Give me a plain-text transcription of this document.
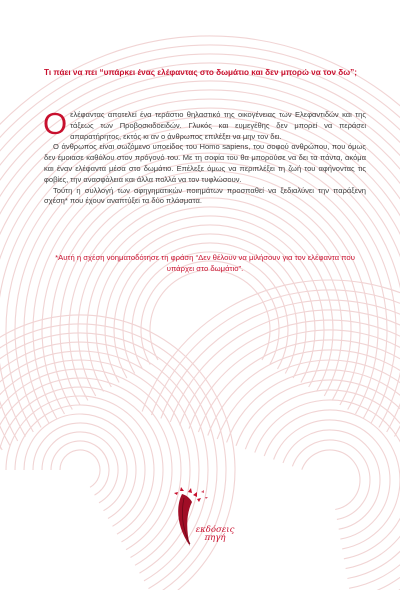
Τι πάει να πει “υπάρκει ένας ελέφαντας στο δωμάτιο και δεν μπορώ να τον δω”;

Οελέφαντας αποτελεί ένα τεράστιο θηλαστικό της οικογένειας των Ελεφαντιδών και της τάξεως των Προβοσκιδοειδών. Γλυκός και ευμεγέθης δεν μπορεί να περάσει απαρατήρητος, εκτός κι αν ο άνθρωπος επιλέξει να μην τον δει.

Ο άνθρωπος είναι σωζόμενο υποείδος του Homo sapiens, του σοφού ανθρώπου, που όμως δεν έμοιασε καθόλου στον πρόγονό του. Με τη σοφία του θα μπορούσε να δει τα πάντα, ακόμα και έναν ελέφαντα μέσα στο δωμάτιο. Επέλεξε όμως να περιπλέξει τη ζωή του αφήνοντας τις φοβίες, την ανασφάλεια και άλλα πολλά να τον τυφλώσουν.

Τούτη η συλλογή των αφηγηματικών ποιημάτων προσπαθεί να ξεδιαλύνει την παράξενη σχέση* που έχουν αναπτύξει τα δύο πλάσματα.

*Αυτή η σχέση νοηματοδότησε τη φράση “Δεν θέλουν να μιλήσουν για τον ελέφαντα που υπάρχει στο δωμάτιο”.
εκδόσεις
πηγή
